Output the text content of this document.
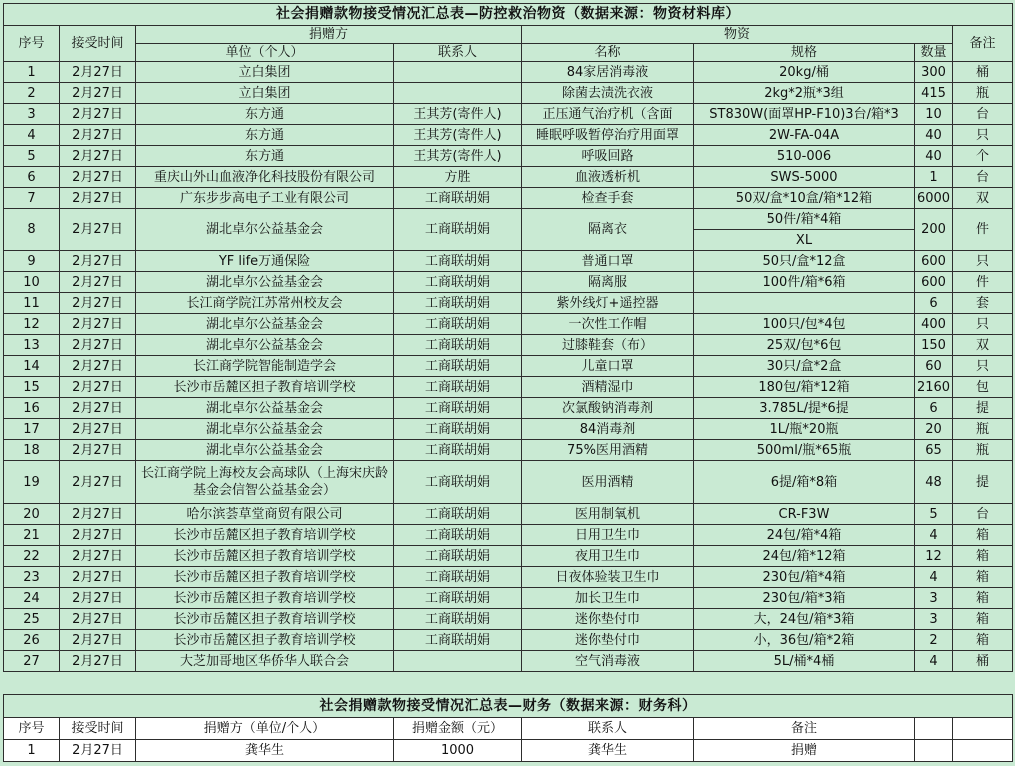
社会捐赠款物接受情况汇总表—防控救治物资（数据来源：物资材料库）							
序号	接受时间	捐赠方		物资			备注
		单位（个人）	联系人	名称	规格	数量	
1	2月27日	立白集团		84家居消毒液	20kg/桶	300	桶
2	2月27日	立白集团		除菌去渍洗衣液	2kg*2瓶*3组	415	瓶
3	2月27日	东方通	王其芳(寄件人)	正压通气治疗机（含面	ST830W(面罩HP-F10)3台/箱*3	10	台
4	2月27日	东方通	王其芳(寄件人)	睡眠呼吸暂停治疗用面罩	2W-FA-04A	40	只
5	2月27日	东方通	王其芳(寄件人)	呼吸回路	510-006	40	个
6	2月27日	重庆山外山血液净化科技股份有限公司	方胜	血液透析机	SWS-5000	1	台
7	2月27日	广东步步高电子工业有限公司	工商联胡娟	检查手套	50双/盒*10盒/箱*12箱	6000	双
8	2月27日	湖北卓尔公益基金会	工商联胡娟	隔离衣	50件/箱*4箱	200	件
					XL		
9	2月27日	YF life万通保险	工商联胡娟	普通口罩	50只/盒*12盒	600	只
10	2月27日	湖北卓尔公益基金会	工商联胡娟	隔离服	100件/箱*6箱	600	件
11	2月27日	长江商学院江苏常州校友会	工商联胡娟	紫外线灯+遥控器		6	套
12	2月27日	湖北卓尔公益基金会	工商联胡娟	一次性工作帽	100只/包*4包	400	只
13	2月27日	湖北卓尔公益基金会	工商联胡娟	过膝鞋套（布）	25双/包*6包	150	双
14	2月27日	长江商学院智能制造学会	工商联胡娟	儿童口罩	30只/盒*2盒	60	只
15	2月27日	长沙市岳麓区担子教育培训学校	工商联胡娟	酒精湿巾	180包/箱*12箱	2160	包
16	2月27日	湖北卓尔公益基金会	工商联胡娟	次氯酸钠消毒剂	3.785L/提*6提	6	提
17	2月27日	湖北卓尔公益基金会	工商联胡娟	84消毒剂	1L/瓶*20瓶	20	瓶
18	2月27日	湖北卓尔公益基金会	工商联胡娟	75%医用酒精	500ml/瓶*65瓶	65	瓶
19	2月27日	长江商学院上海校友会高球队（上海宋庆龄基金会信智公益基金会）	工商联胡娟	医用酒精	6提/箱*8箱	48	提
20	2月27日	哈尔滨荟草堂商贸有限公司	工商联胡娟	医用制氧机	CR-F3W	5	台
21	2月27日	长沙市岳麓区担子教育培训学校	工商联胡娟	日用卫生巾	24包/箱*4箱	4	箱
22	2月27日	长沙市岳麓区担子教育培训学校	工商联胡娟	夜用卫生巾	24包/箱*12箱	12	箱
23	2月27日	长沙市岳麓区担子教育培训学校	工商联胡娟	日夜体验装卫生巾	230包/箱*4箱	4	箱
24	2月27日	长沙市岳麓区担子教育培训学校	工商联胡娟	加长卫生巾	230包/箱*3箱	3	箱
25	2月27日	长沙市岳麓区担子教育培训学校	工商联胡娟	迷你垫付巾	大，24包/箱*3箱	3	箱
26	2月27日	长沙市岳麓区担子教育培训学校	工商联胡娟	迷你垫付巾	小，36包/箱*2箱	2	箱
27	2月27日	大芝加哥地区华侨华人联合会		空气消毒液	5L/桶*4桶	4	桶
社会捐赠款物接受情况汇总表—财务（数据来源：财务科）							
序号	接受时间	捐赠方（单位/个人）	捐赠金额（元）	联系人	备注		
1	2月27日	龚华生	1000	龚华生	捐赠		
